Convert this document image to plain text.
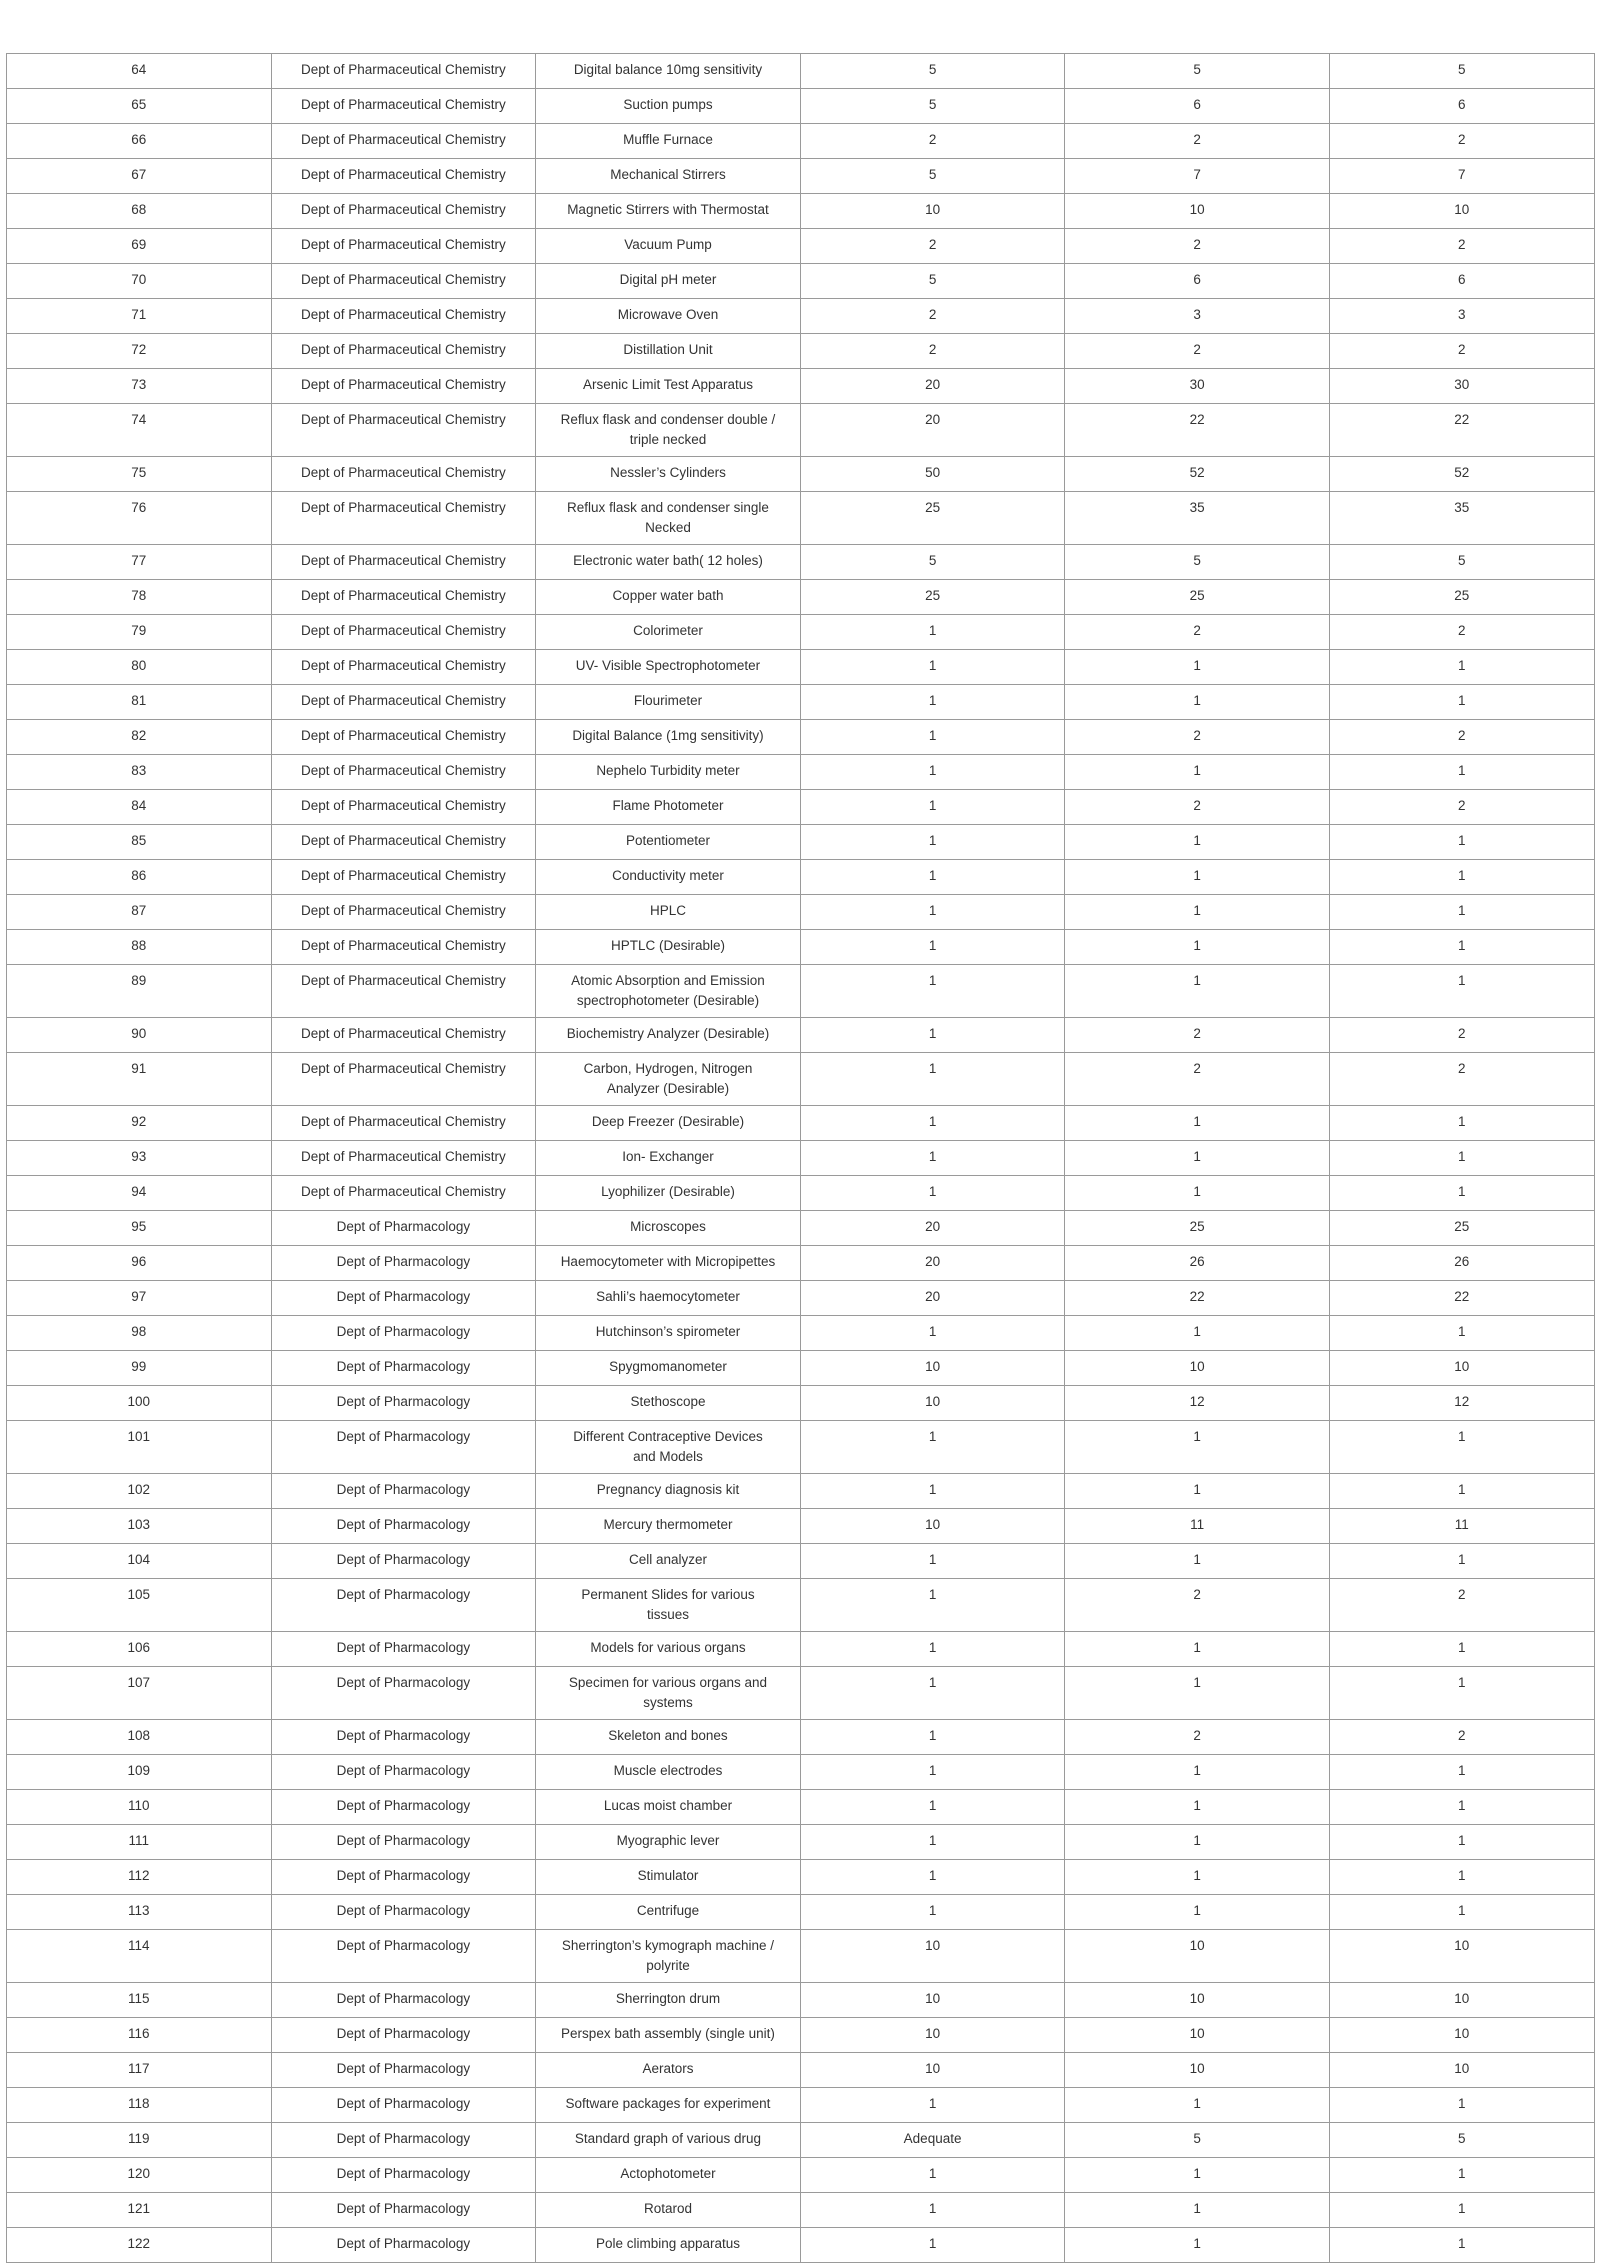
64	Dept of Pharmaceutical Chemistry	Digital balance 10mg sensitivity	5	5	5
65	Dept of Pharmaceutical Chemistry	Suction pumps	5	6	6
66	Dept of Pharmaceutical Chemistry	Muffle Furnace	2	2	2
67	Dept of Pharmaceutical Chemistry	Mechanical Stirrers	5	7	7
68	Dept of Pharmaceutical Chemistry	Magnetic Stirrers with Thermostat	10	10	10
69	Dept of Pharmaceutical Chemistry	Vacuum Pump	2	2	2
70	Dept of Pharmaceutical Chemistry	Digital pH meter	5	6	6
71	Dept of Pharmaceutical Chemistry	Microwave Oven	2	3	3
72	Dept of Pharmaceutical Chemistry	Distillation Unit	2	2	2
73	Dept of Pharmaceutical Chemistry	Arsenic Limit Test Apparatus	20	30	30
74	Dept of Pharmaceutical Chemistry	Reflux flask and condenser double / triple necked	20	22	22
75	Dept of Pharmaceutical Chemistry	Nessler’s Cylinders	50	52	52
76	Dept of Pharmaceutical Chemistry	Reflux flask and condenser single Necked	25	35	35
77	Dept of Pharmaceutical Chemistry	Electronic water bath( 12 holes)	5	5	5
78	Dept of Pharmaceutical Chemistry	Copper water bath	25	25	25
79	Dept of Pharmaceutical Chemistry	Colorimeter	1	2	2
80	Dept of Pharmaceutical Chemistry	UV- Visible Spectrophotometer	1	1	1
81	Dept of Pharmaceutical Chemistry	Flourimeter	1	1	1
82	Dept of Pharmaceutical Chemistry	Digital Balance (1mg sensitivity)	1	2	2
83	Dept of Pharmaceutical Chemistry	Nephelo Turbidity meter	1	1	1
84	Dept of Pharmaceutical Chemistry	Flame Photometer	1	2	2
85	Dept of Pharmaceutical Chemistry	Potentiometer	1	1	1
86	Dept of Pharmaceutical Chemistry	Conductivity meter	1	1	1
87	Dept of Pharmaceutical Chemistry	HPLC	1	1	1
88	Dept of Pharmaceutical Chemistry	HPTLC (Desirable)	1	1	1
89	Dept of Pharmaceutical Chemistry	Atomic Absorption and Emission spectrophotometer (Desirable)	1	1	1
90	Dept of Pharmaceutical Chemistry	Biochemistry Analyzer (Desirable)	1	2	2
91	Dept of Pharmaceutical Chemistry	Carbon, Hydrogen, Nitrogen Analyzer (Desirable)	1	2	2
92	Dept of Pharmaceutical Chemistry	Deep Freezer (Desirable)	1	1	1
93	Dept of Pharmaceutical Chemistry	Ion- Exchanger	1	1	1
94	Dept of Pharmaceutical Chemistry	Lyophilizer (Desirable)	1	1	1
95	Dept of Pharmacology	Microscopes	20	25	25
96	Dept of Pharmacology	Haemocytometer with Micropipettes	20	26	26
97	Dept of Pharmacology	Sahli’s haemocytometer	20	22	22
98	Dept of Pharmacology	Hutchinson’s spirometer	1	1	1
99	Dept of Pharmacology	Spygmomanometer	10	10	10
100	Dept of Pharmacology	Stethoscope	10	12	12
101	Dept of Pharmacology	Different Contraceptive Devices and Models	1	1	1
102	Dept of Pharmacology	Pregnancy diagnosis kit	1	1	1
103	Dept of Pharmacology	Mercury thermometer	10	11	11
104	Dept of Pharmacology	Cell analyzer	1	1	1
105	Dept of Pharmacology	Permanent Slides for various tissues	1	2	2
106	Dept of Pharmacology	Models for various organs	1	1	1
107	Dept of Pharmacology	Specimen for various organs and systems	1	1	1
108	Dept of Pharmacology	Skeleton and bones	1	2	2
109	Dept of Pharmacology	Muscle electrodes	1	1	1
110	Dept of Pharmacology	Lucas moist chamber	1	1	1
111	Dept of Pharmacology	Myographic lever	1	1	1
112	Dept of Pharmacology	Stimulator	1	1	1
113	Dept of Pharmacology	Centrifuge	1	1	1
114	Dept of Pharmacology	Sherrington’s kymograph machine / polyrite	10	10	10
115	Dept of Pharmacology	Sherrington drum	10	10	10
116	Dept of Pharmacology	Perspex bath assembly (single unit)	10	10	10
117	Dept of Pharmacology	Aerators	10	10	10
118	Dept of Pharmacology	Software packages for experiment	1	1	1
119	Dept of Pharmacology	Standard graph of various drug	Adequate	5	5
120	Dept of Pharmacology	Actophotometer	1	1	1
121	Dept of Pharmacology	Rotarod	1	1	1
122	Dept of Pharmacology	Pole climbing apparatus	1	1	1
